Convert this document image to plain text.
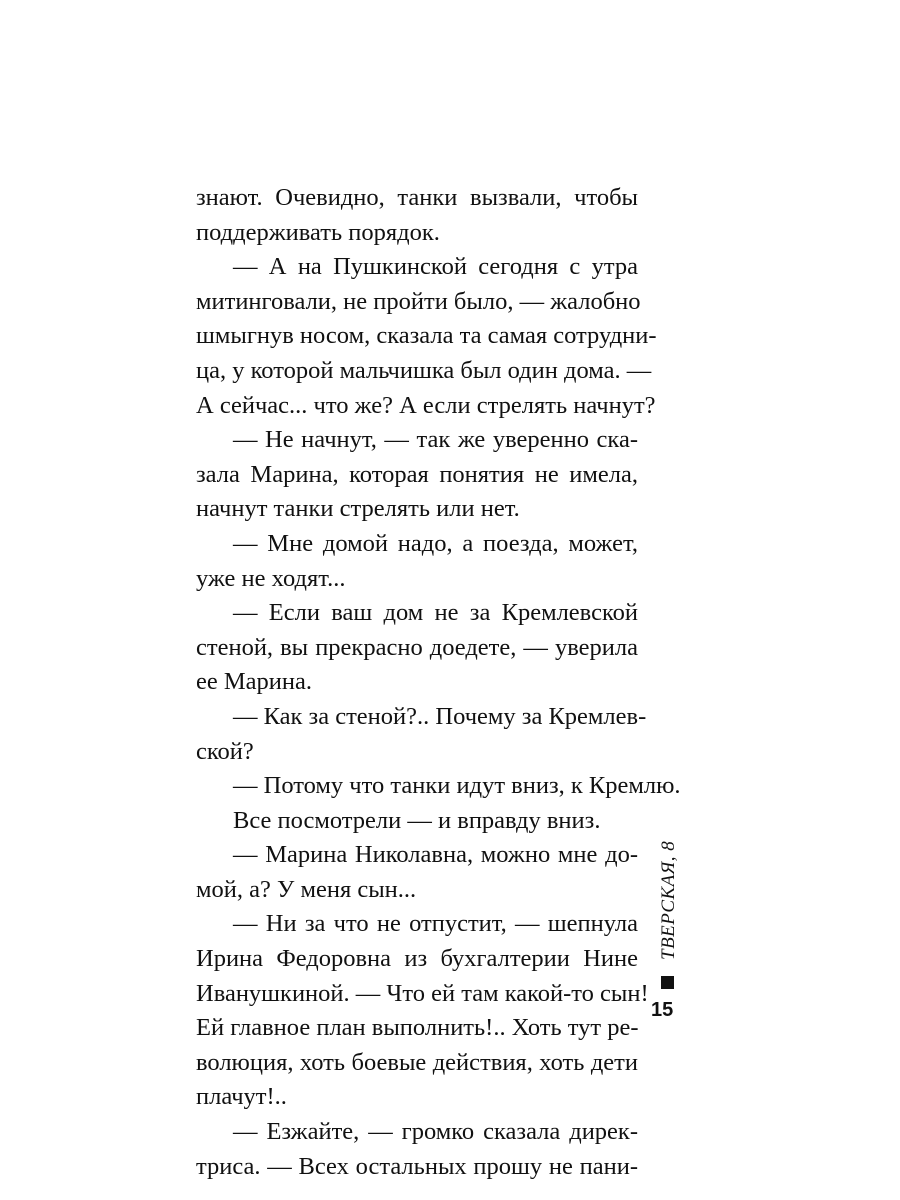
знают. Очевидно, танки вызвали, чтобы
поддерживать порядок.
— А на Пушкинской сегодня с утра
митинговали, не пройти было, — жалобно
шмыгнув носом, сказала та самая сотрудни-
ца, у которой мальчишка был один дома. —
А сейчас... что же? А если стрелять начнут?
— Не начнут, — так же уверенно ска-
зала Марина, которая понятия не имела,
начнут танки стрелять или нет.
— Мне домой надо, а поезда, может,
уже не ходят...
— Если ваш дом не за Кремлевской
стеной, вы прекрасно доедете, — уверила
ее Марина.
— Как за стеной?.. Почему за Кремлев-
ской?
— Потому что танки идут вниз, к Кремлю.
Все посмотрели — и вправду вниз.
— Марина Николавна, можно мне до-
мой, а? У меня сын...
— Ни за что не отпустит, — шепнула
Ирина Федоровна из бухгалтерии Нине
Иванушкиной. — Что ей там какой-то сын!
Ей главное план выполнить!.. Хоть тут ре-
волюция, хоть боевые действия, хоть дети
плачут!..
— Езжайте, — громко сказала дирек-
триса. — Всех остальных прошу не пани-
ТВЕРСКАЯ, 8
15
